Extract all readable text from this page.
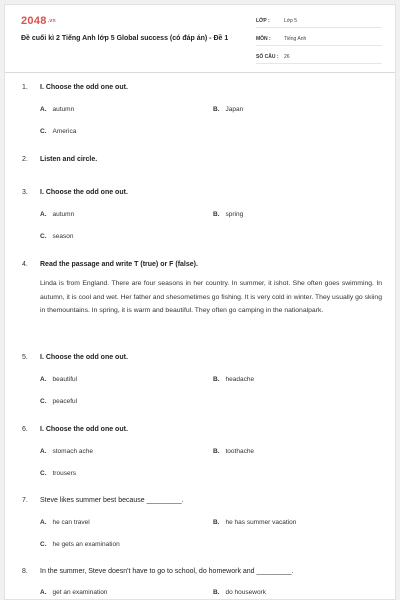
2048.vn
Đề cuối kì 2 Tiếng Anh lớp 5 Global success (có đáp án) - Đề 1
LỚP :	Lớp 5
MÔN :	Tiếng Anh
SỐ CÂU :	26
1. I. Choose the odd one out.
A. autumn	B. Japan
C. America
2. Listen and circle.
3. I. Choose the odd one out.
A. autumn	B. spring
C. season
4. Read the passage and write T (true) or F (false).
Linda is from England. There are four seasons in her country. In summer, it ishot. She often goes swimming. In autumn, it is cool and wet. Her father and shesometimes go fishing. It is very cold in winter. They usually go skiing in themountains. In spring, it is warm and beautiful. They often go camping in the nationalpark.
5. I. Choose the odd one out.
A. beautiful	B. headache
C. peaceful
6. I. Choose the odd one out.
A. stomach ache	B. toothache
C. trousers
7. Steve likes summer best because _________.
A. he can travel	B. he has summer vacation
C. he gets an examination
8. In the summer, Steve doesn't have to go to school, do homework and _________.
A. get an examination	B. do housework
